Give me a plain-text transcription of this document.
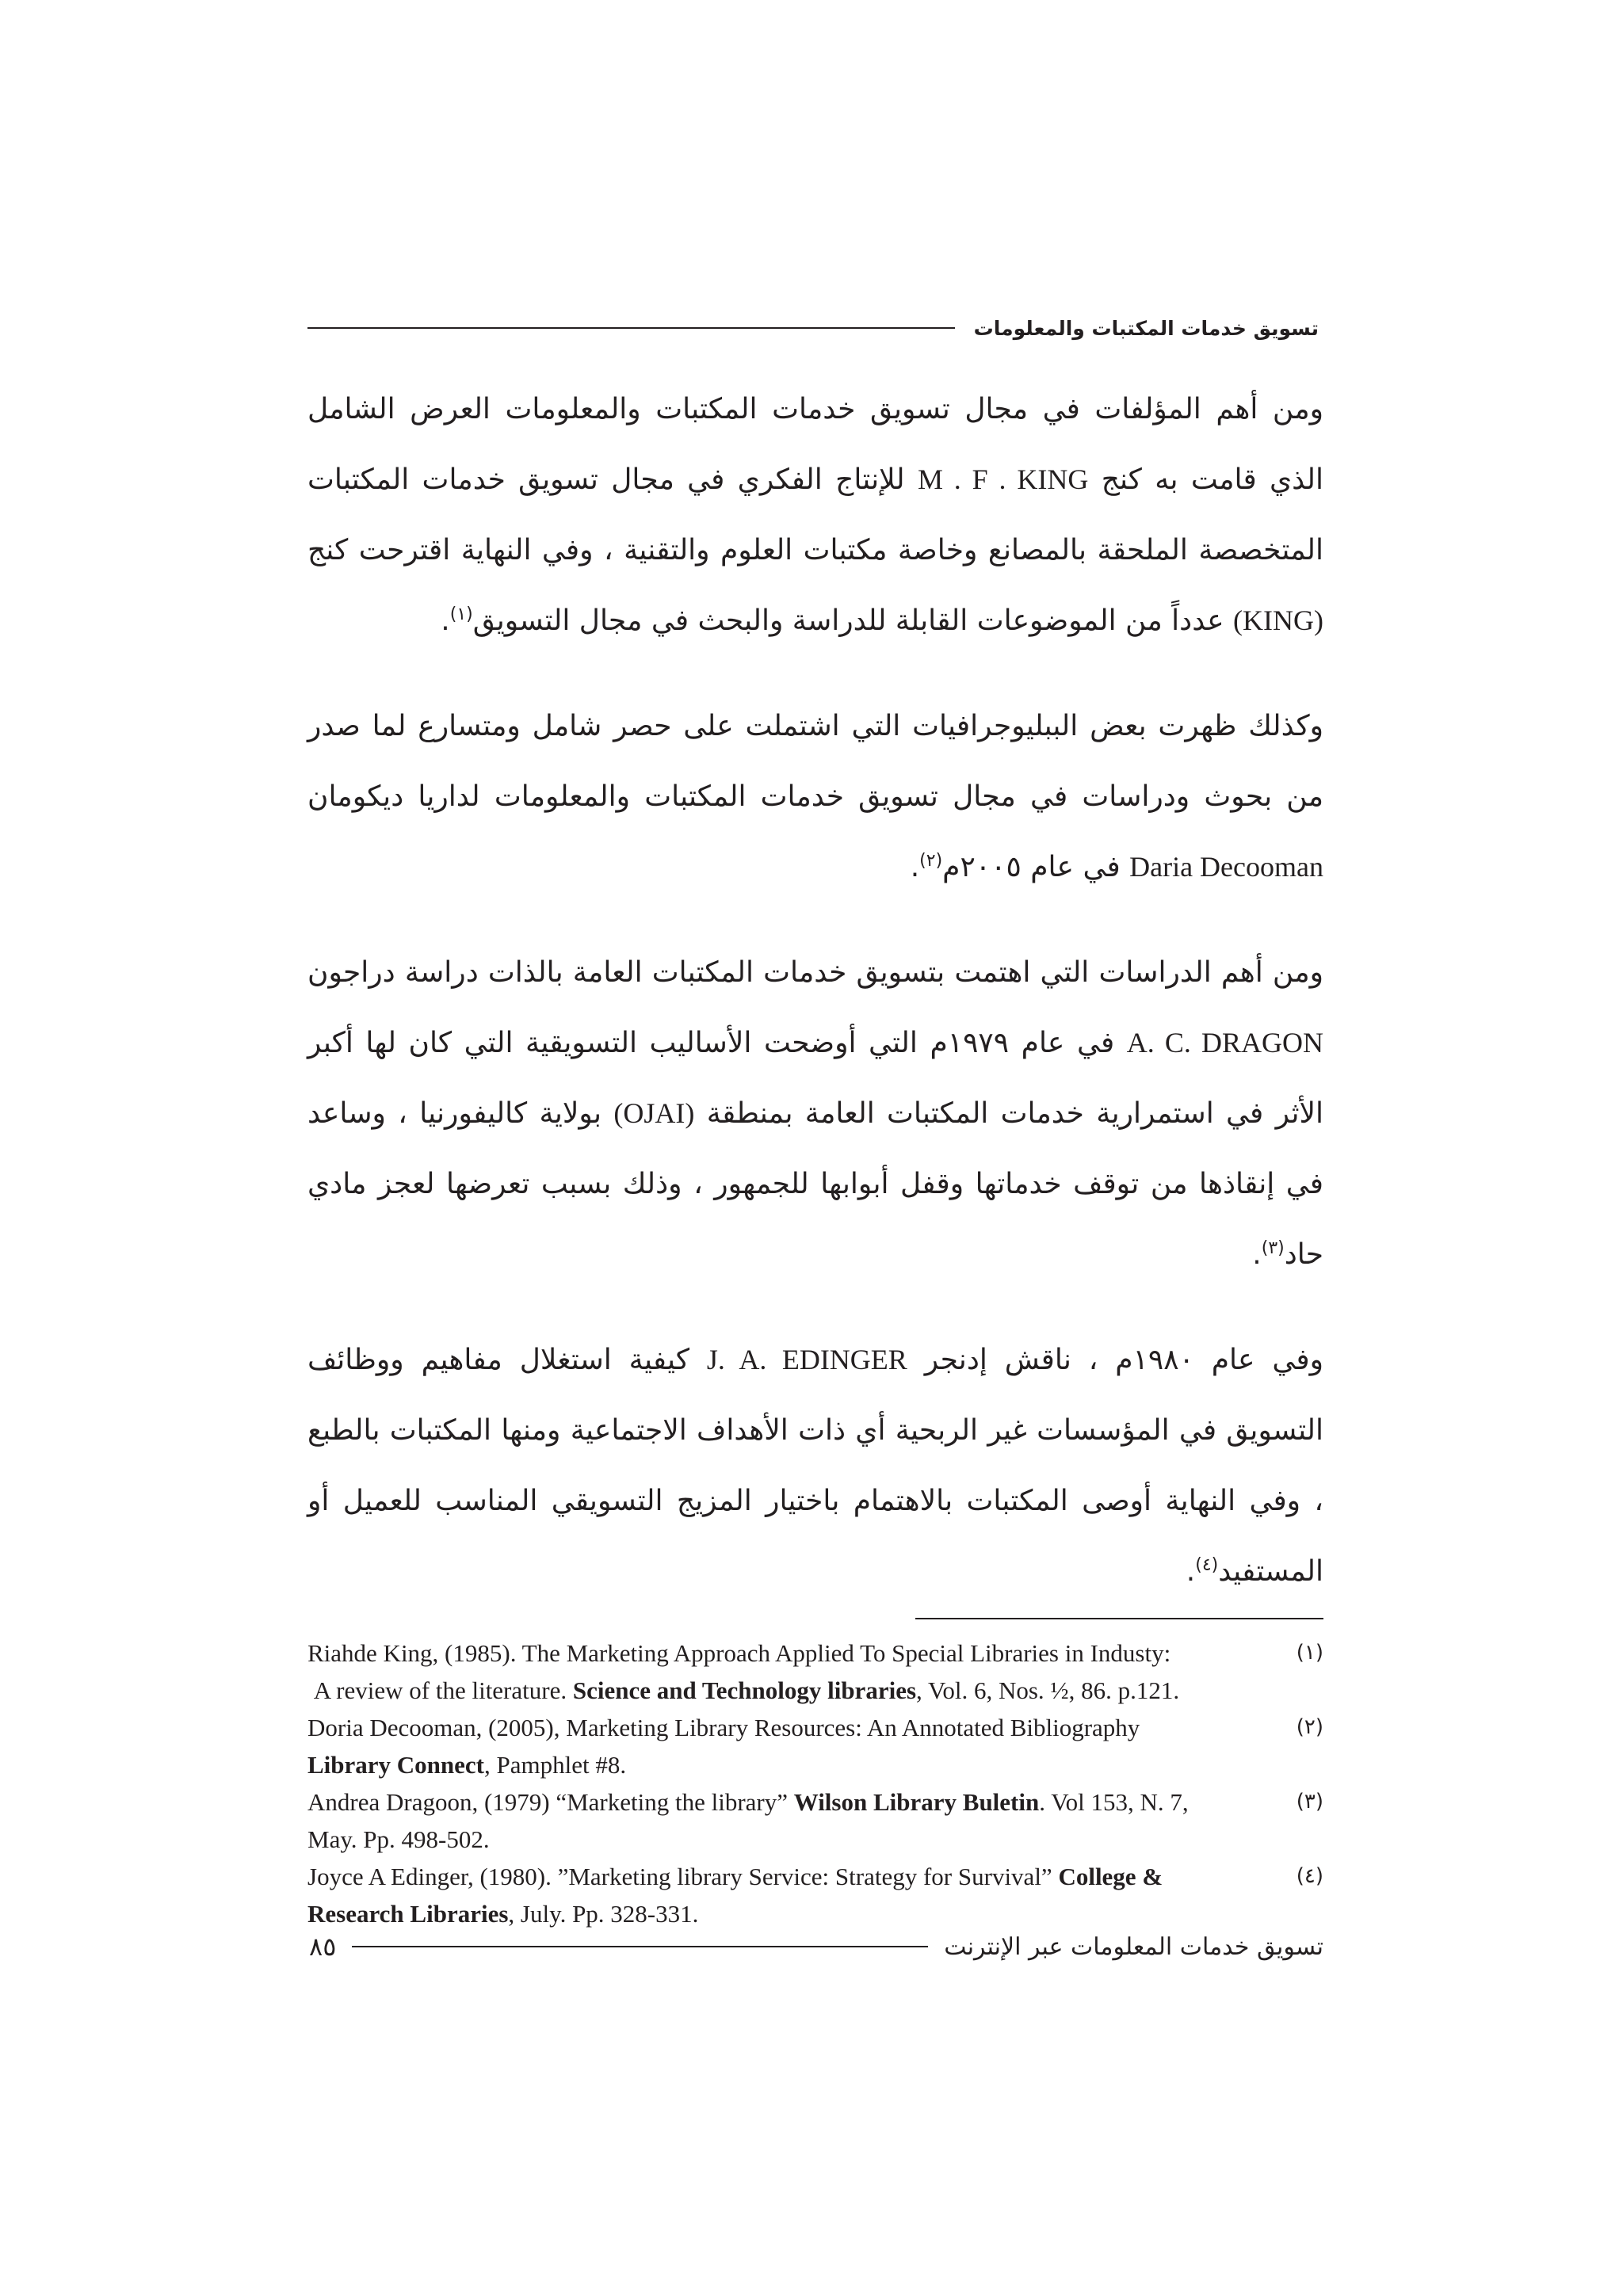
تسويق خدمات المكتبات والمعلومات

ومن أهم المؤلفات في مجال تسويق خدمات المكتبات والمعلومات العرض الشامل الذي قامت به كنج M . F . KING للإنتاج الفكري في مجال تسويق خدمات المكتبات المتخصصة الملحقة بالمصانع وخاصة مكتبات العلوم والتقنية ، وفي النهاية اقترحت كنج (KING) عدداً من الموضوعات القابلة للدراسة والبحث في مجال التسويق$^{(١)}$.

وكذلك ظهرت بعض الببليوجرافيات التي اشتملت على حصر شامل ومتسارع لما صدر من بحوث ودراسات في مجال تسويق خدمات المكتبات والمعلومات لداريا ديكومان Daria Decooman في عام ٢٠٠٥م$^{(٢)}$.

ومن أهم الدراسات التي اهتمت بتسويق خدمات المكتبات العامة بالذات دراسة دراجون A. C. DRAGON في عام ١٩٧٩م التي أوضحت الأساليب التسويقية التي كان لها أكبر الأثر في استمرارية خدمات المكتبات العامة بمنطقة (OJAI) بولاية كاليفورنيا ، وساعد في إنقاذها من توقف خدماتها وقفل أبوابها للجمهور ، وذلك بسبب تعرضها لعجز مادي حاد$^{(٣)}$.

وفي عام ١٩٨٠م ، ناقش إدنجر J. A. EDINGER كيفية استغلال مفاهيم ووظائف التسويق في المؤسسات غير الربحية أي ذات الأهداف الاجتماعية ومنها المكتبات بالطبع ، وفي النهاية أوصى المكتبات بالاهتمام باختيار المزيج التسويقي المناسب للعميل أو المستفيد$^{(٤)}$.

(١)
Riahde King, (1985). The Marketing Approach Applied To Special Libraries in Industy:
A review of the literature. Science and Technology libraries, Vol. 6, Nos. ½, 86. p.121.
(٢)
Doria Decooman, (2005), Marketing Library Resources: An Annotated Bibliography
Library Connect, Pamphlet #8.
(٣)
Andrea Dragoon, (1979) “Marketing the library” Wilson Library Buletin. Vol 153, N. 7,
May. Pp. 498-502.
(٤)
Joyce A Edinger, (1980). ”Marketing library Service: Strategy for Survival” College &
Research Libraries, July. Pp. 328-331.
تسويق خدمات المعلومات عبر الإنترنت
٨٥
